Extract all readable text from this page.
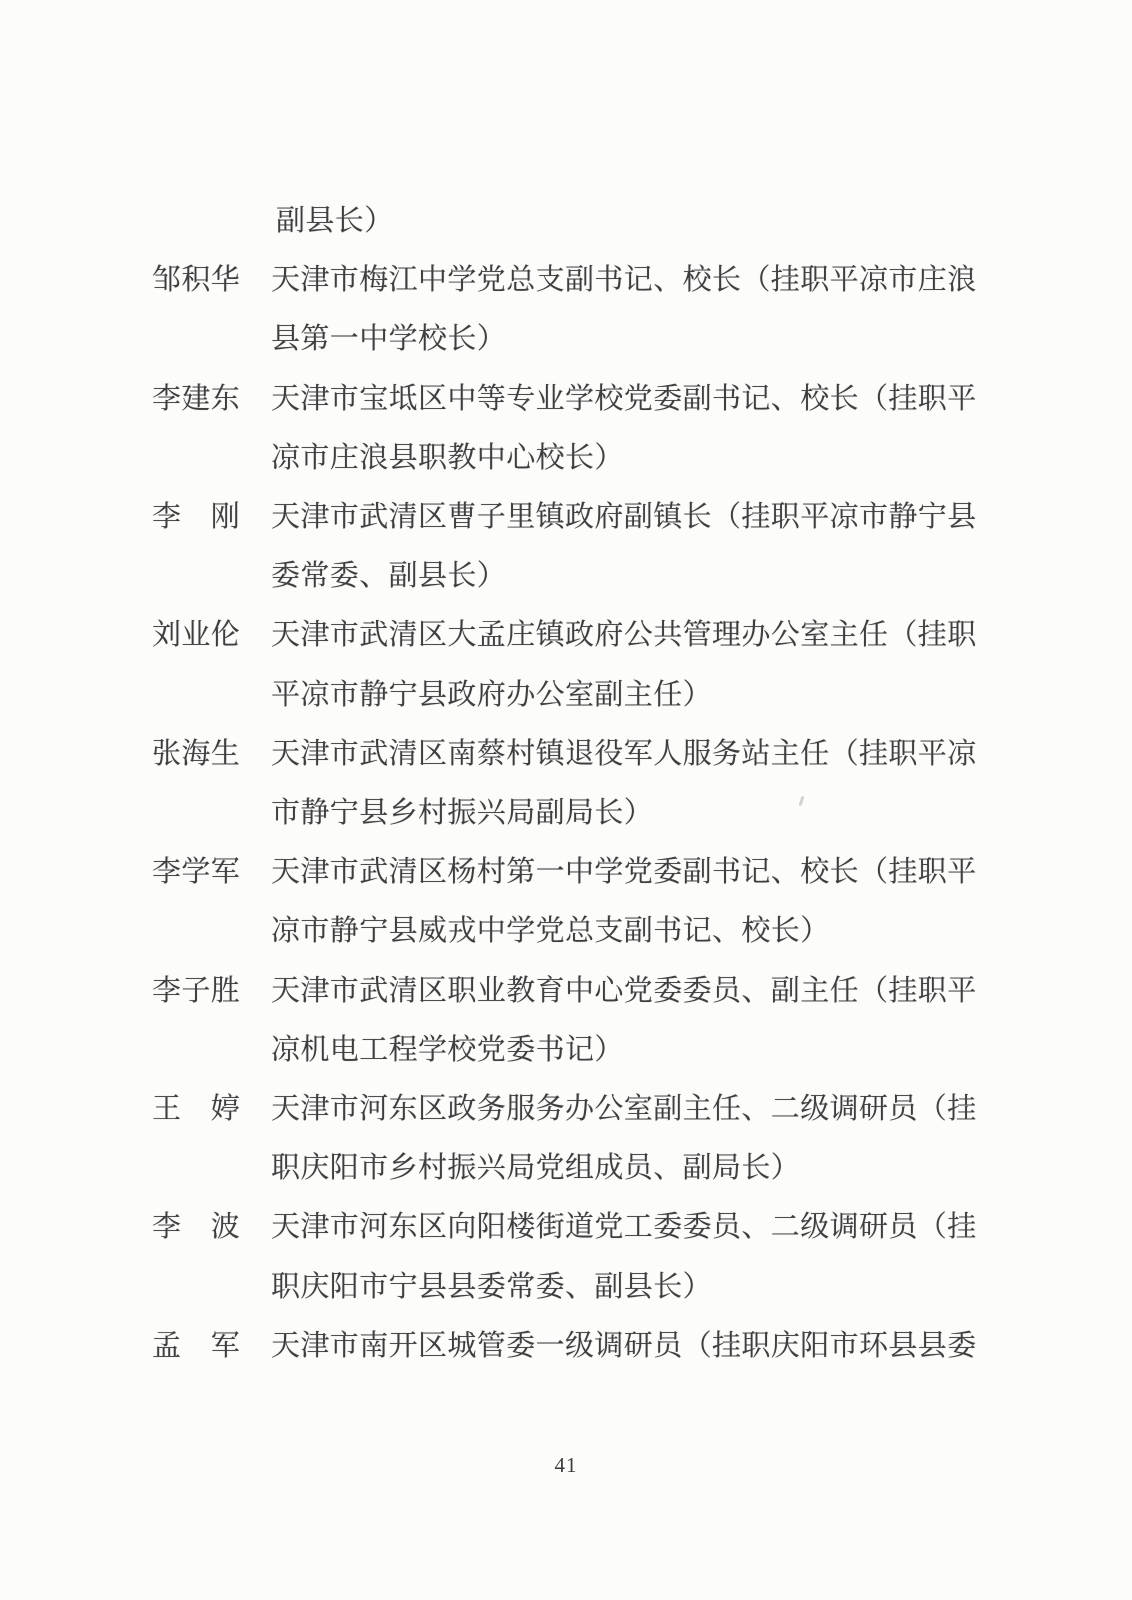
副县长）
邹积华 天津市梅江中学党总支副书记、校长（挂职平凉市庄浪
县第一中学校长）
李建东 天津市宝坻区中等专业学校党委副书记、校长（挂职平
凉市庄浪县职教中心校长）
李　刚 天津市武清区曹子里镇政府副镇长（挂职平凉市静宁县
委常委、副县长）
刘业伦 天津市武清区大孟庄镇政府公共管理办公室主任（挂职
平凉市静宁县政府办公室副主任）
张海生 天津市武清区南蔡村镇退役军人服务站主任（挂职平凉
市静宁县乡村振兴局副局长）
李学军 天津市武清区杨村第一中学党委副书记、校长（挂职平
凉市静宁县威戎中学党总支副书记、校长）
李子胜 天津市武清区职业教育中心党委委员、副主任（挂职平
凉机电工程学校党委书记）
王　婷 天津市河东区政务服务办公室副主任、二级调研员（挂
职庆阳市乡村振兴局党组成员、副局长）
李　波 天津市河东区向阳楼街道党工委委员、二级调研员（挂
职庆阳市宁县县委常委、副县长）
孟　军 天津市南开区城管委一级调研员（挂职庆阳市环县县委
41
